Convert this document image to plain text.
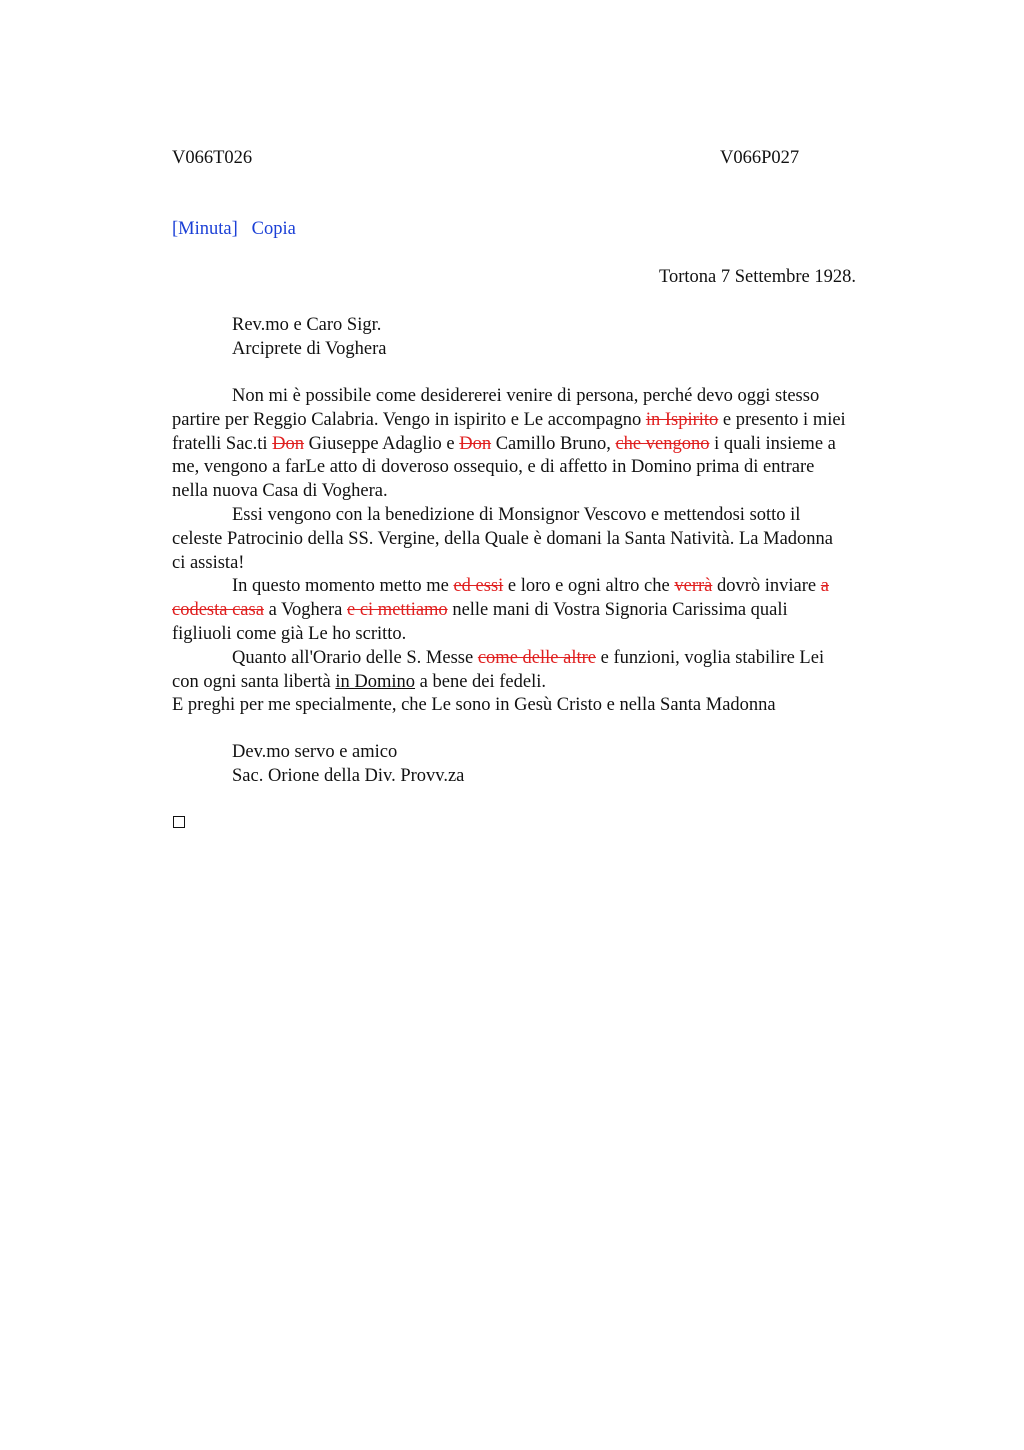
V066T026	V066P027
[Minuta] Copia
Tortona 7 Settembre 1928.
Rev.mo e Caro Sigr.
Arciprete di Voghera

Non mi è possibile come desidererei venire di persona, perché devo oggi stesso

partire per Reggio Calabria. Vengo in ispirito e Le accompagno in Ispirito e presento i miei

fratelli Sac.ti Don Giuseppe Adaglio e Don Camillo Bruno, che vengono i quali insieme a

me, vengono a farLe atto di doveroso ossequio, e di affetto in Domino prima di entrare

nella nuova Casa di Voghera.

Essi vengono con la benedizione di Monsignor Vescovo e mettendosi sotto il

celeste Patrocinio della SS. Vergine, della Quale è domani la Santa Natività. La Madonna

ci assista!

In questo momento metto me ed essi e loro e ogni altro che verrà dovrò inviare a

codesta casa a Voghera e ci mettiamo nelle mani di Vostra Signoria Carissima quali

figliuoli come già Le ho scritto.

Quanto all'Orario delle S. Messe come delle altre e funzioni, voglia stabilire Lei

con ogni santa libertà in Domino a bene dei fedeli.

E preghi per me specialmente, che Le sono in Gesù Cristo e nella Santa Madonna

Dev.mo servo e amico
Sac. Orione della Div. Provv.za
